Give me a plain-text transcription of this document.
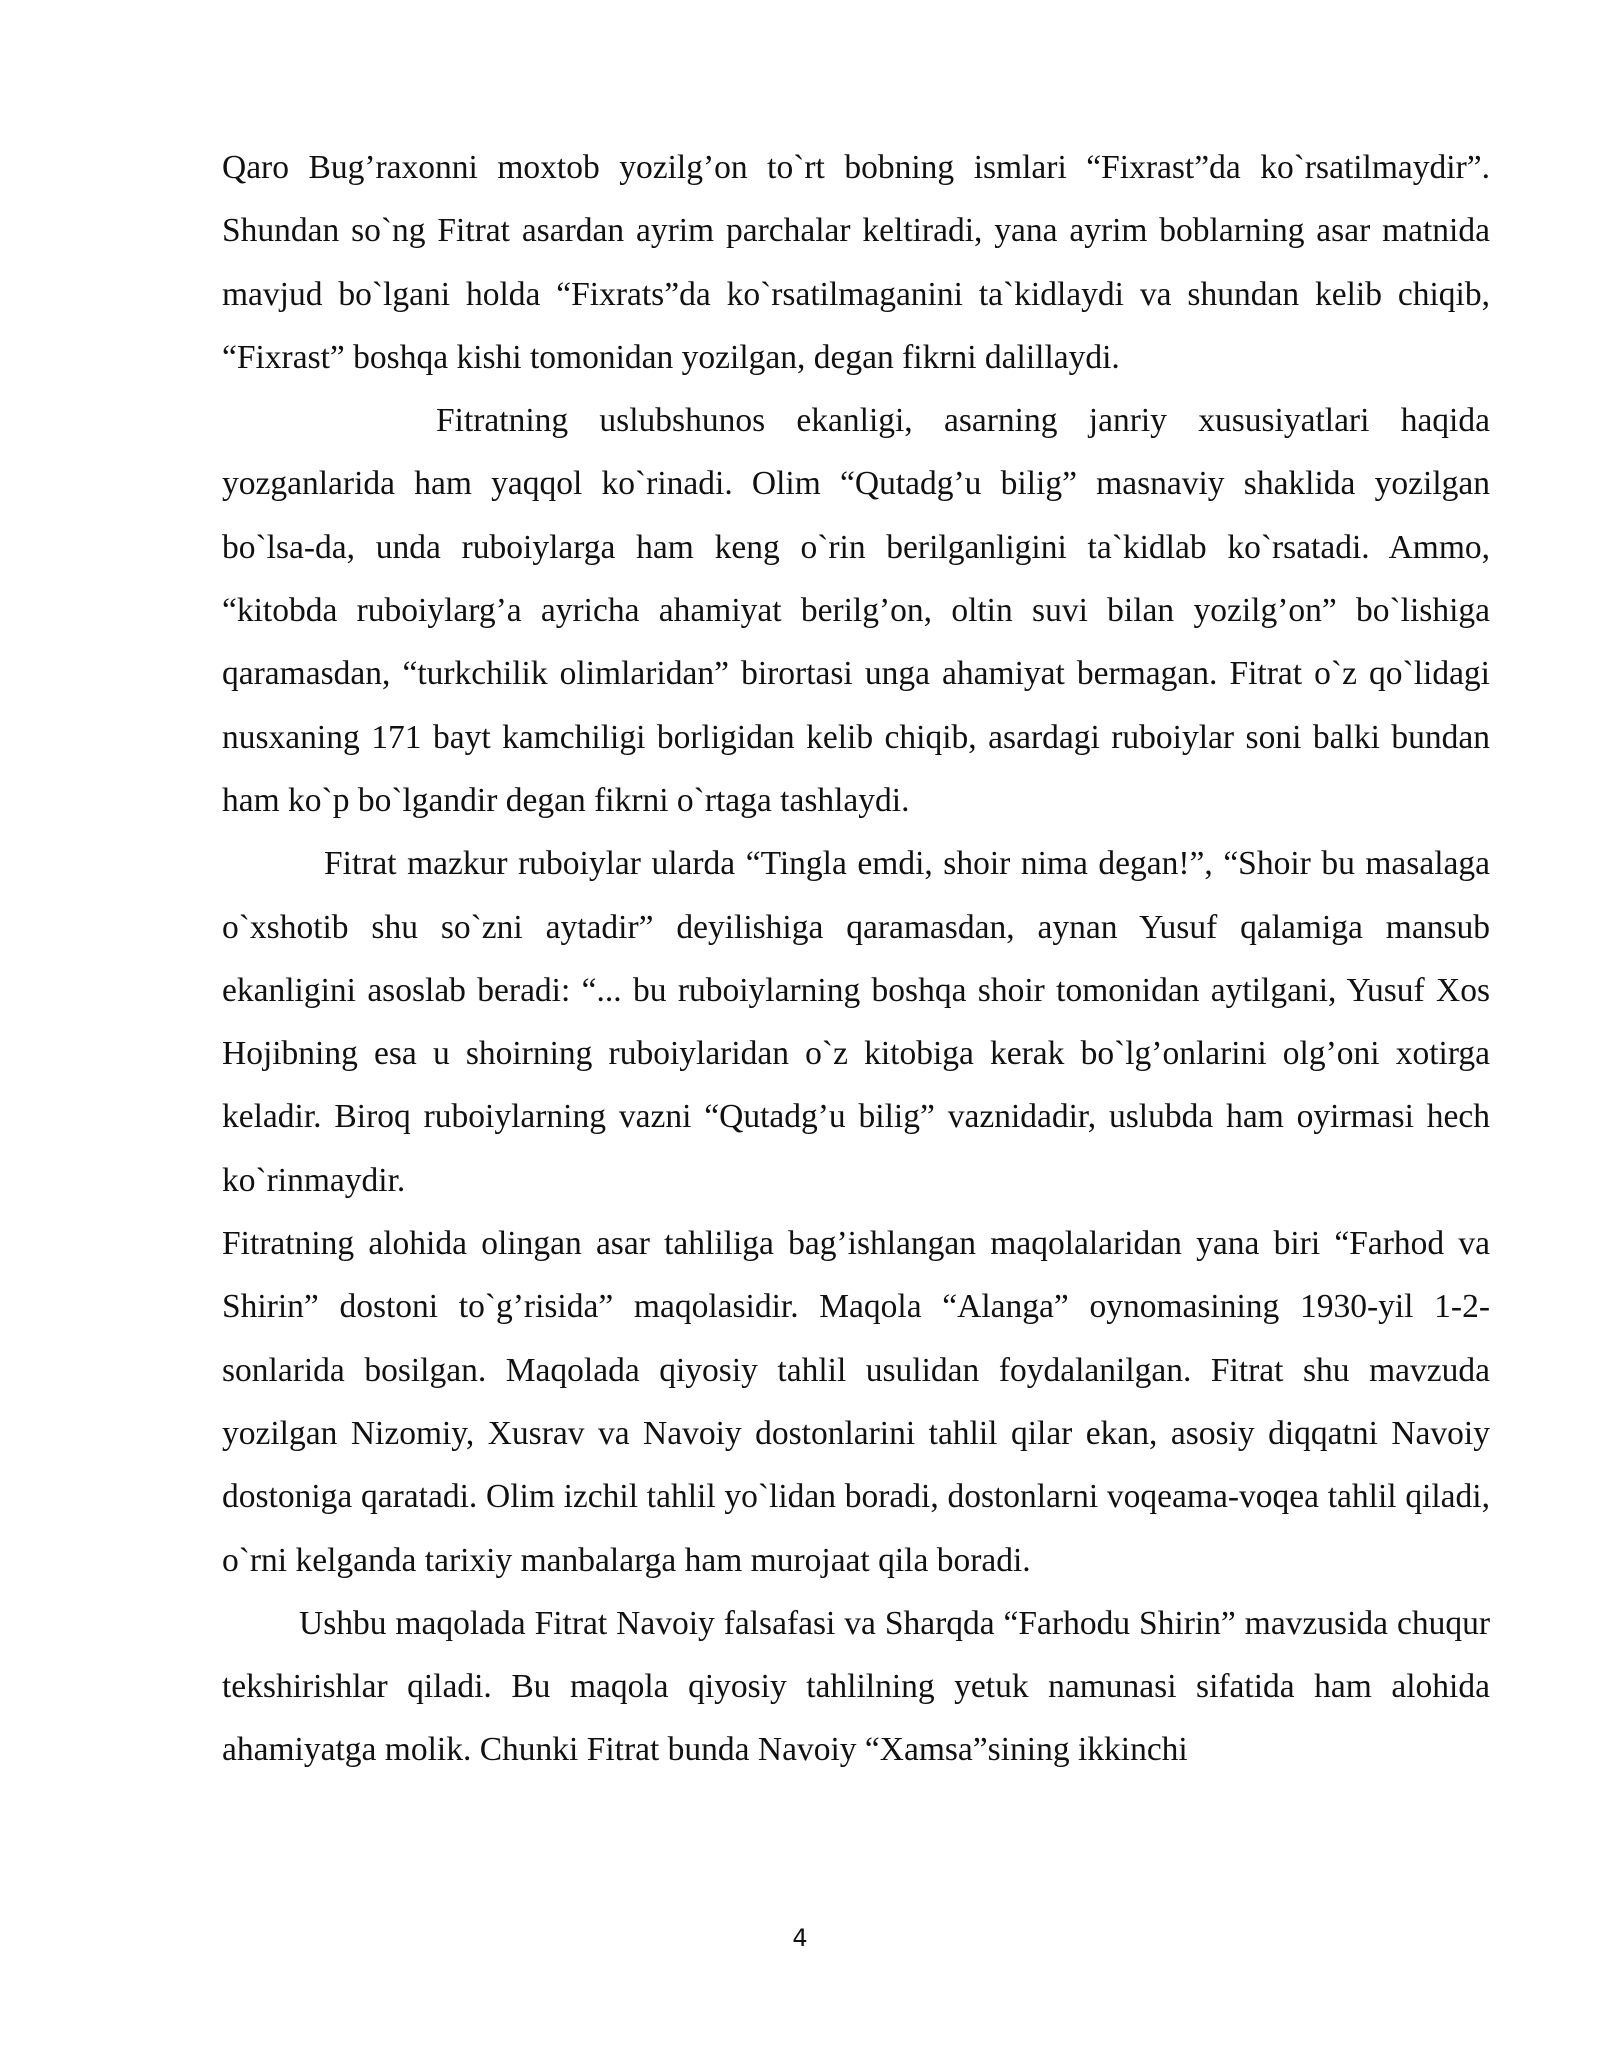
Qaro Bug’raxonni moxtob yozilg’on to`rt bobning ismlari “Fixrast”da ko`rsatilmaydir”. Shundan so`ng Fitrat asardan ayrim parchalar keltiradi, yana ayrim boblarning asar matnida mavjud bo`lgani holda “Fixrats”da ko`rsatilmaganini ta`kidlaydi va shundan kelib chiqib, “Fixrast” boshqa kishi tomonidan yozilgan, degan fikrni dalillaydi.

Fitratning uslubshunos ekanligi, asarning janriy xususiyatlari haqida yozganlarida ham yaqqol ko`rinadi. Olim “Qutadg’u bilig” masnaviy shaklida yozilgan bo`lsa-da, unda ruboiylarga ham keng o`rin berilganligini ta`kidlab ko`rsatadi. Ammo, “kitobda ruboiylarg’a ayricha ahamiyat berilg’on, oltin suvi bilan yozilg’on” bo`lishiga qaramasdan, “turkchilik olimlaridan” birortasi unga ahamiyat bermagan. Fitrat o`z qo`lidagi nusxaning 171 bayt kamchiligi borligidan kelib chiqib, asardagi ruboiylar soni balki bundan ham ko`p bo`lgandir degan fikrni o`rtaga tashlaydi.

Fitrat mazkur ruboiylar ularda “Tingla emdi, shoir nima degan!”, “Shoir bu masalaga o`xshotib shu so`zni aytadir” deyilishiga qaramasdan, aynan Yusuf qalamiga mansub ekanligini asoslab beradi: “... bu ruboiylarning boshqa shoir tomonidan aytilgani, Yusuf Xos Hojibning esa u shoirning ruboiylaridan o`z kitobiga kerak bo`lg’onlarini olg’oni xotirga keladir. Biroq ruboiylarning vazni “Qutadg’u bilig” vaznidadir, uslubda ham oyirmasi hech ko`rinmaydir.

Fitratning alohida olingan asar tahliliga bag’ishlangan maqolalaridan yana biri “Farhod va Shirin” dostoni to`g’risida” maqolasidir. Maqola “Alanga” oynomasining 1930-yil 1-2-sonlarida bosilgan. Maqolada qiyosiy tahlil usulidan foydalanilgan. Fitrat shu mavzuda yozilgan Nizomiy, Xusrav va Navoiy dostonlarini tahlil qilar ekan, asosiy diqqatni Navoiy dostoniga qaratadi. Olim izchil tahlil yo`lidan boradi, dostonlarni voqeama-voqea tahlil qiladi, o`rni kelganda tarixiy manbalarga ham murojaat qila boradi.

Ushbu maqolada Fitrat Navoiy falsafasi va Sharqda “Farhodu Shirin” mavzusida chuqur tekshirishlar qiladi. Bu maqola qiyosiy tahlilning yetuk namunasi sifatida ham alohida ahamiyatga molik. Chunki Fitrat bunda Navoiy “Xamsa”sining ikkinchi

4
